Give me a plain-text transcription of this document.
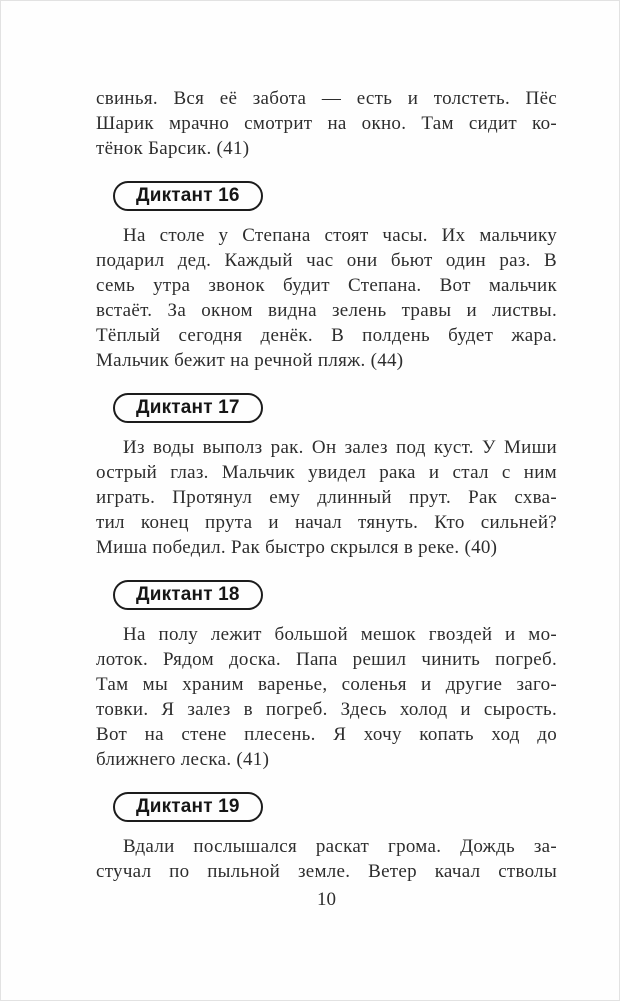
свинья. Вся её забота — есть и толстеть. Пёс
Шарик мрачно смотрит на окно. Там сидит ко-
тёнок Барсик. (41)
Диктант 16
На столе у Степана стоят часы. Их мальчику
подарил дед. Каждый час они бьют один раз. В
семь утра звонок будит Степана. Вот мальчик
встаёт. За окном видна зелень травы и листвы.
Тёплый сегодня денёк. В полдень будет жара.
Мальчик бежит на речной пляж. (44)
Диктант 17
Из воды выполз рак. Он залез под куст. У Миши
острый глаз. Мальчик увидел рака и стал с ним
играть. Протянул ему длинный прут. Рак схва-
тил конец прута и начал тянуть. Кто сильней?
Миша победил. Рак быстро скрылся в реке. (40)
Диктант 18
На полу лежит большой мешок гвоздей и мо-
лоток. Рядом доска. Папа решил чинить погреб.
Там мы храним варенье, соленья и другие заго-
товки. Я залез в погреб. Здесь холод и сырость.
Вот на стене плесень. Я хочу копать ход до
ближнего леска. (41)
Диктант 19
Вдали послышался раскат грома. Дождь за-
стучал по пыльной земле. Ветер качал стволы
10
